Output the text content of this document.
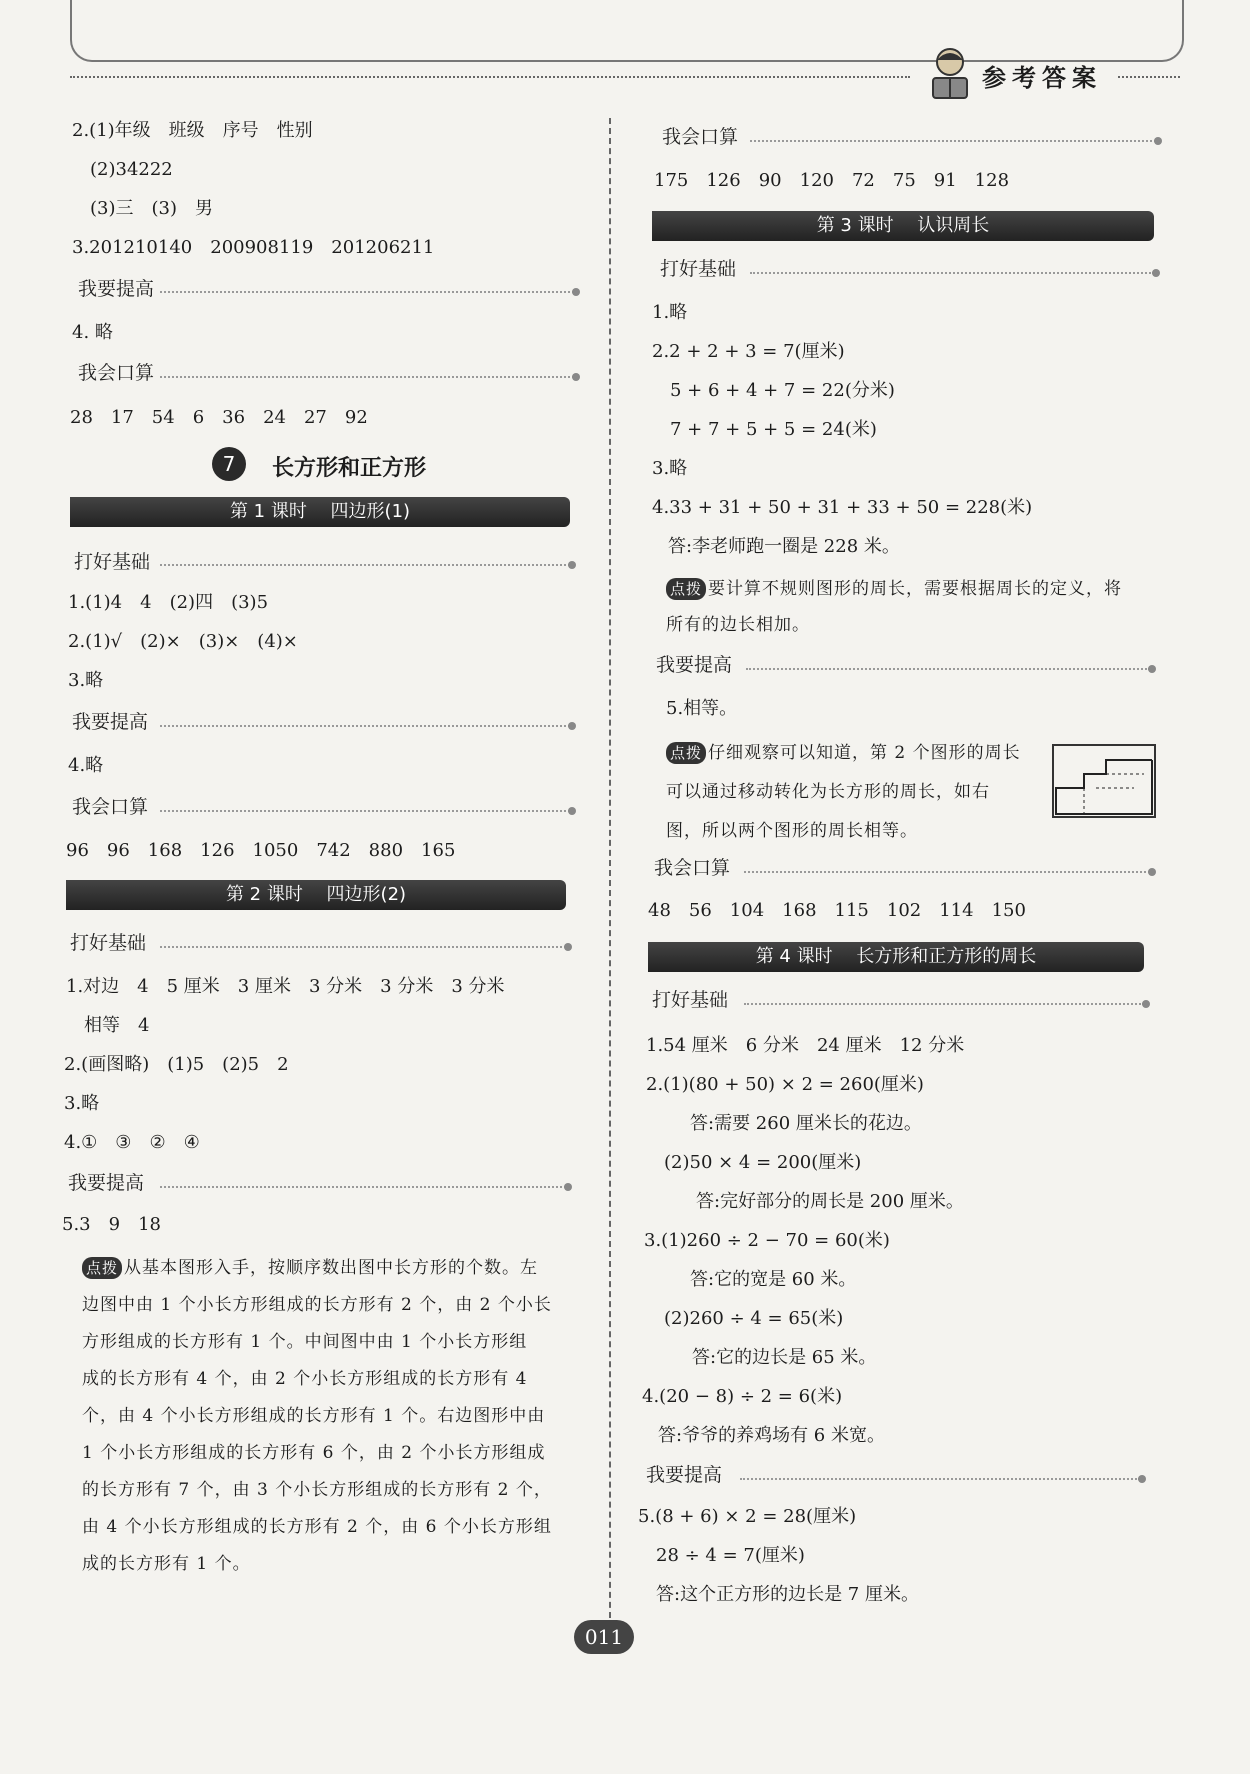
参考答案
2.(1)年级　班级　序号　性别
(2)34222
(3)三　(3)　男
3.201210140　200908119　201206211
我要提高
4. 略
我会口算
28　17　54　6　36　24　27　92
7	长方形和正方形
第 1 课时　 四边形(1)
打好基础
1.(1)4　4　(2)四　(3)5
2.(1)√　(2)×　(3)×　(4)×
3.略
我要提高
4.略
我会口算
96　96　168　126　1050　742　880　165
第 2 课时　 四边形(2)
打好基础
1.对边　4　5 厘米　3 厘米　3 分米　3 分米　3 分米
相等　4
2.(画图略)　(1)5　(2)5　2
3.略
4.①　③　②　④
我要提高
5.3　9　18
点拨 从基本图形入手，按顺序数出图中长方形的个数。左
边图中由 1 个小长方形组成的长方形有 2 个，由 2 个小长
方形组成的长方形有 1 个。中间图中由 1 个小长方形组
成的长方形有 4 个，由 2 个小长方形组成的长方形有 4
个，由 4 个小长方形组成的长方形有 1 个。右边图形中由
1 个小长方形组成的长方形有 6 个，由 2 个小长方形组成
的长方形有 7 个，由 3 个小长方形组成的长方形有 2 个，
由 4 个小长方形组成的长方形有 2 个，由 6 个小长方形组
成的长方形有 1 个。
我会口算
175　126　90　120　72　75　91　128
第 3 课时　 认识周长
打好基础
1.略
2.2 + 2 + 3 = 7(厘米)
5 + 6 + 4 + 7 = 22(分米)
7 + 7 + 5 + 5 = 24(米)
3.略
4.33 + 31 + 50 + 31 + 33 + 50 = 228(米)
答:李老师跑一圈是 228 米。
点拨 要计算不规则图形的周长，需要根据周长的定义，将
所有的边长相加。
我要提高
5.相等。
点拨 仔细观察可以知道，第 2 个图形的周长
可以通过移动转化为长方形的周长，如右
图，所以两个图形的周长相等。
我会口算
48　56　104　168　115　102　114　150
第 4 课时　 长方形和正方形的周长
打好基础
1.54 厘米　6 分米　24 厘米　12 分米
2.(1)(80 + 50) × 2 = 260(厘米)
答:需要 260 厘米长的花边。
(2)50 × 4 = 200(厘米)
答:完好部分的周长是 200 厘米。
3.(1)260 ÷ 2 − 70 = 60(米)
答:它的宽是 60 米。
(2)260 ÷ 4 = 65(米)
答:它的边长是 65 米。
4.(20 − 8) ÷ 2 = 6(米)
答:爷爷的养鸡场有 6 米宽。
我要提高
5.(8 + 6) × 2 = 28(厘米)
28 ÷ 4 = 7(厘米)
答:这个正方形的边长是 7 厘米。
011
